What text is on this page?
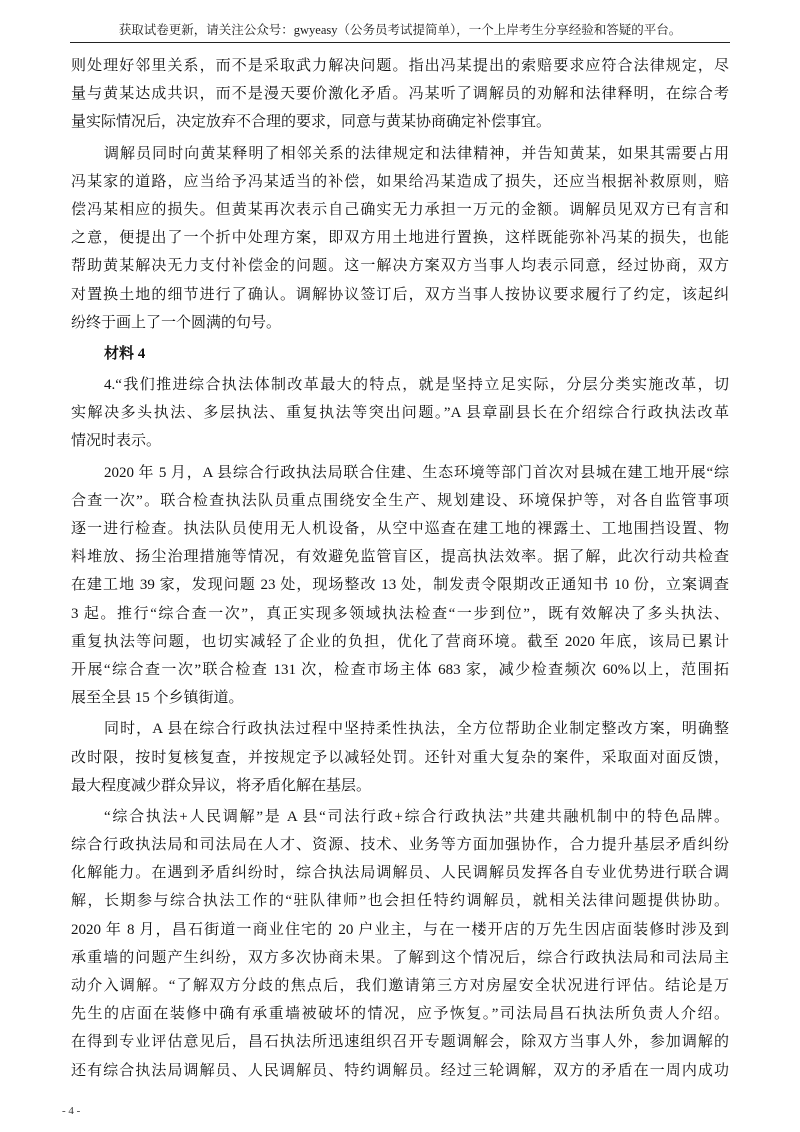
获取试卷更新，请关注公众号：gwyeasy（公务员考试提简单），一个上岸考生分享经验和答疑的平台。
则处理好邻里关系，而不是采取武力解决问题。指出冯某提出的索赔要求应符合法律规定，尽
量与黄某达成共识，而不是漫天要价激化矛盾。冯某听了调解员的劝解和法律释明，在综合考
量实际情况后，决定放弃不合理的要求，同意与黄某协商确定补偿事宜。
调解员同时向黄某释明了相邻关系的法律规定和法律精神，并告知黄某，如果其需要占用
冯某家的道路，应当给予冯某适当的补偿，如果给冯某造成了损失，还应当根据补救原则，赔
偿冯某相应的损失。但黄某再次表示自己确实无力承担一万元的金额。调解员见双方已有言和
之意，便提出了一个折中处理方案，即双方用土地进行置换，这样既能弥补冯某的损失，也能
帮助黄某解决无力支付补偿金的问题。这一解决方案双方当事人均表示同意，经过协商，双方
对置换土地的细节进行了确认。调解协议签订后，双方当事人按协议要求履行了约定，该起纠
纷终于画上了一个圆满的句号。
材料 4
4.“我们推进综合执法体制改革最大的特点，就是坚持立足实际，分层分类实施改革，切
实解决多头执法、多层执法、重复执法等突出问题。”A 县章副县长在介绍综合行政执法改革
情况时表示。
2020 年 5 月，A 县综合行政执法局联合住建、生态环境等部门首次对县城在建工地开展“综
合查一次”。联合检查执法队员重点围绕安全生产、规划建设、环境保护等，对各自监管事项
逐一进行检查。执法队员使用无人机设备，从空中巡查在建工地的裸露土、工地围挡设置、物
料堆放、扬尘治理措施等情况，有效避免监管盲区，提高执法效率。据了解，此次行动共检查
在建工地 39 家，发现问题 23 处，现场整改 13 处，制发责令限期改正通知书 10 份，立案调查
3 起。推行“综合查一次”，真正实现多领域执法检查“一步到位”，既有效解决了多头执法、
重复执法等问题，也切实减轻了企业的负担，优化了营商环境。截至 2020 年底，该局已累计
开展“综合查一次”联合检查 131 次，检查市场主体 683 家，减少检查频次 60%以上，范围拓
展至全县 15 个乡镇街道。
同时，A 县在综合行政执法过程中坚持柔性执法，全方位帮助企业制定整改方案，明确整
改时限，按时复核复查，并按规定予以减轻处罚。还针对重大复杂的案件，采取面对面反馈，
最大程度减少群众异议，将矛盾化解在基层。
“综合执法+人民调解”是 A 县“司法行政+综合行政执法”共建共融机制中的特色品牌。
综合行政执法局和司法局在人才、资源、技术、业务等方面加强协作，合力提升基层矛盾纠纷
化解能力。在遇到矛盾纠纷时，综合执法局调解员、人民调解员发挥各自专业优势进行联合调
解，长期参与综合执法工作的“驻队律师”也会担任特约调解员，就相关法律问题提供协助。
2020 年 8 月，昌石街道一商业住宅的 20 户业主，与在一楼开店的万先生因店面装修时涉及到
承重墙的问题产生纠纷，双方多次协商未果。了解到这个情况后，综合行政执法局和司法局主
动介入调解。“了解双方分歧的焦点后，我们邀请第三方对房屋安全状况进行评估。结论是万
先生的店面在装修中确有承重墙被破坏的情况，应予恢复。”司法局昌石执法所负责人介绍。
在得到专业评估意见后，昌石执法所迅速组织召开专题调解会，除双方当事人外，参加调解的
还有综合执法局调解员、人民调解员、特约调解员。经过三轮调解，双方的矛盾在一周内成功
- 4 -
